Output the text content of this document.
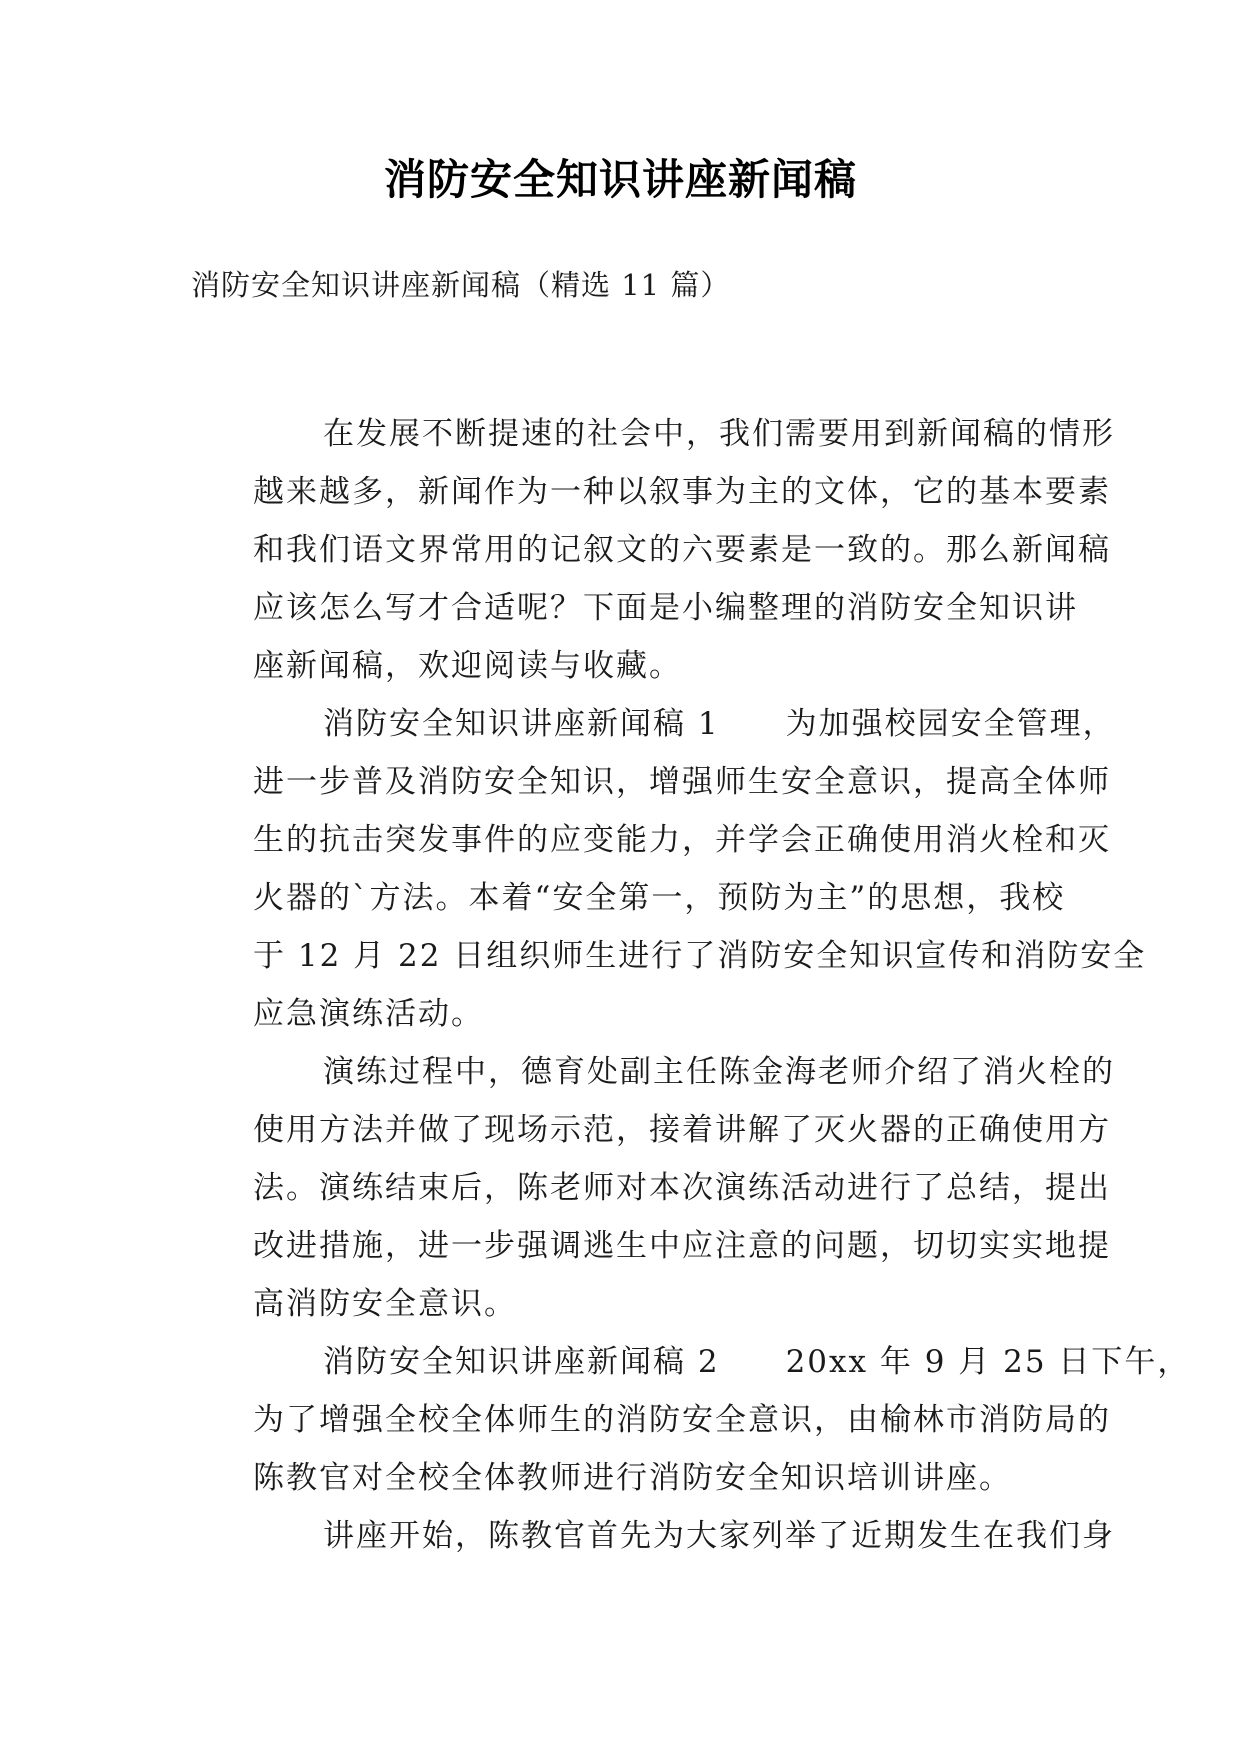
消防安全知识讲座新闻稿
消防安全知识讲座新闻稿（精选 11 篇）

在发展不断提速的社会中，我们需要用到新闻稿的情形
越来越多，新闻作为一种以叙事为主的文体，它的基本要素
和我们语文界常用的记叙文的六要素是一致的。那么新闻稿
应该怎么写才合适呢？下面是小编整理的消防安全知识讲
座新闻稿，欢迎阅读与收藏。

消防安全知识讲座新闻稿 1　　为加强校园安全管理，
进一步普及消防安全知识，增强师生安全意识，提高全体师
生的抗击突发事件的应变能力，并学会正确使用消火栓和灭
火器的`方法。本着“安全第一，预防为主”的思想，我校
于 12 月 22 日组织师生进行了消防安全知识宣传和消防安全
应急演练活动。

演练过程中，德育处副主任陈金海老师介绍了消火栓的
使用方法并做了现场示范，接着讲解了灭火器的正确使用方
法。演练结束后，陈老师对本次演练活动进行了总结，提出
改进措施，进一步强调逃生中应注意的问题，切切实实地提
高消防安全意识。

消防安全知识讲座新闻稿 2　　20xx 年 9 月 25 日下午，
为了增强全校全体师生的消防安全意识，由榆林市消防局的
陈教官对全校全体教师进行消防安全知识培训讲座。

讲座开始，陈教官首先为大家列举了近期发生在我们身
